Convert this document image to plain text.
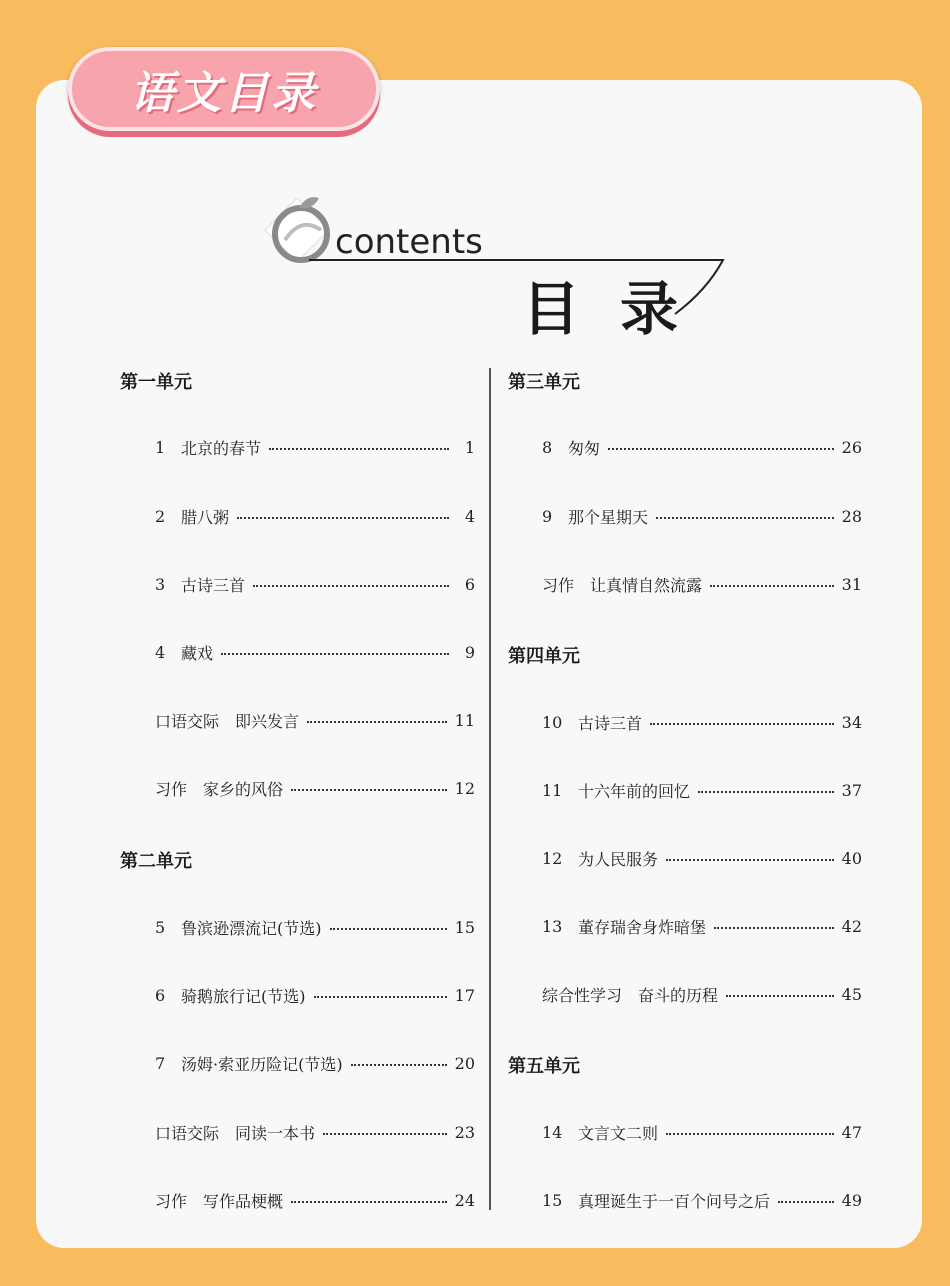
语文目录
contents
目录
第一单元
1 北京的春节	1
2 腊八粥	4
3 古诗三首	6
4 藏戏	9
口语交际　即兴发言	11
习作　家乡的风俗	12
第二单元
5 鲁滨逊漂流记(节选)	15
6 骑鹅旅行记(节选)	17
7 汤姆·索亚历险记(节选)	20
口语交际　同读一本书	23
习作　写作品梗概	24
第三单元
8 匆匆	26
9 那个星期天	28
习作　让真情自然流露	31
第四单元
10 古诗三首	34
11 十六年前的回忆	37
12 为人民服务	40
13 董存瑞舍身炸暗堡	42
综合性学习　奋斗的历程	45
第五单元
14 文言文二则	47
15 真理诞生于一百个问号之后	49
